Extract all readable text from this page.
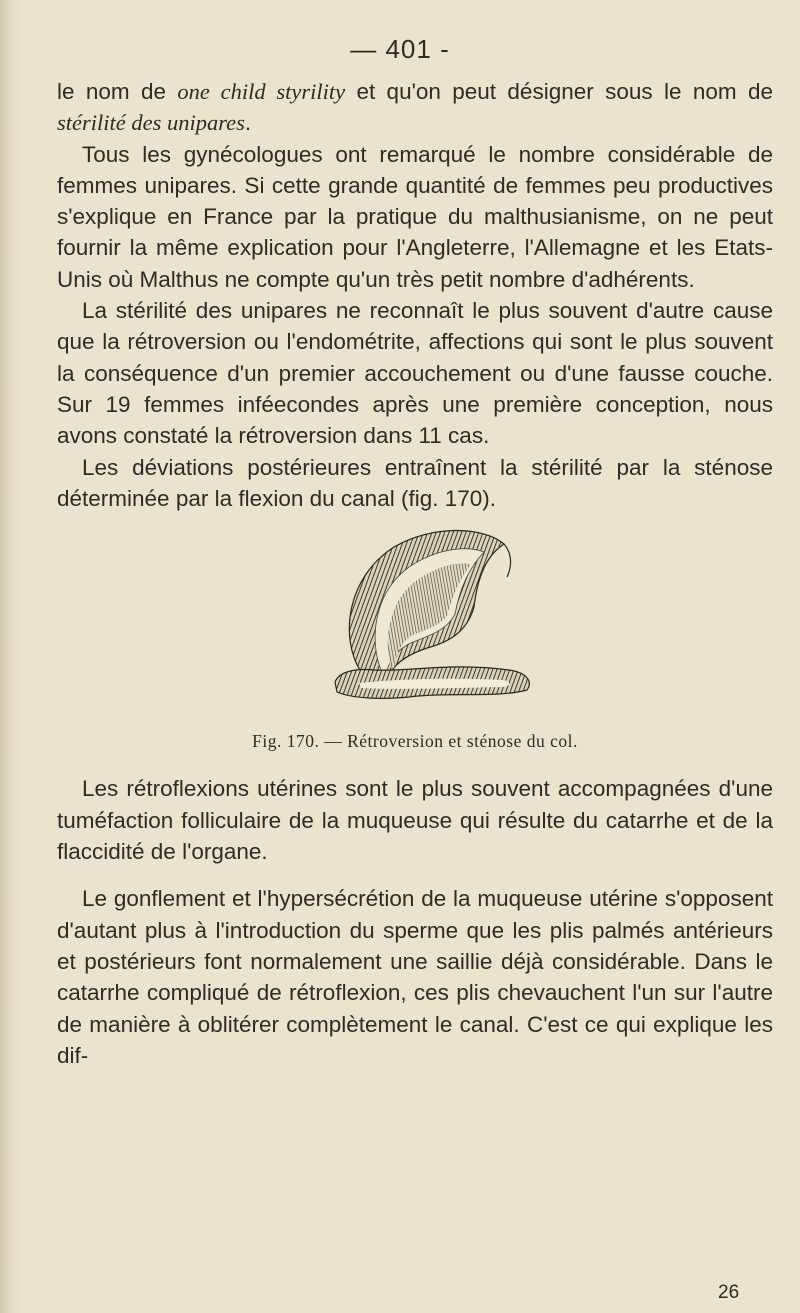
— 401 -

le nom de one child styrility et qu'on peut désigner sous le nom de stérilité des unipares.

Tous les gynécologues ont remarqué le nombre considérable de femmes unipares. Si cette grande quantité de femmes peu productives s'explique en France par la pratique du malthusianisme, on ne peut fournir la même explication pour l'Angleterre, l'Allemagne et les Etats-Unis où Malthus ne compte qu'un très petit nombre d'adhérents.

La stérilité des unipares ne reconnaît le plus souvent d'autre cause que la rétroversion ou l'endométrite, affections qui sont le plus souvent la conséquence d'un premier accouchement ou d'une fausse couche. Sur 19 femmes inféecondes après une première conception, nous avons constaté la rétroversion dans 11 cas.

Les déviations postérieures entraînent la stérilité par la sténose déterminée par la flexion du canal (fig. 170).

Fig. 170. — Rétroversion et sténose du col.

Les rétroflexions utérines sont le plus souvent accompagnées d'une tuméfaction folliculaire de la muqueuse qui résulte du catarrhe et de la flaccidité de l'organe.

Le gonflement et l'hypersécrétion de la muqueuse utérine s'opposent d'autant plus à l'introduction du sperme que les plis palmés antérieurs et postérieurs font normalement une saillie déjà considérable. Dans le catarrhe compliqué de rétroflexion, ces plis chevauchent l'un sur l'autre de manière à oblitérer complètement le canal. C'est ce qui explique les dif-

26
